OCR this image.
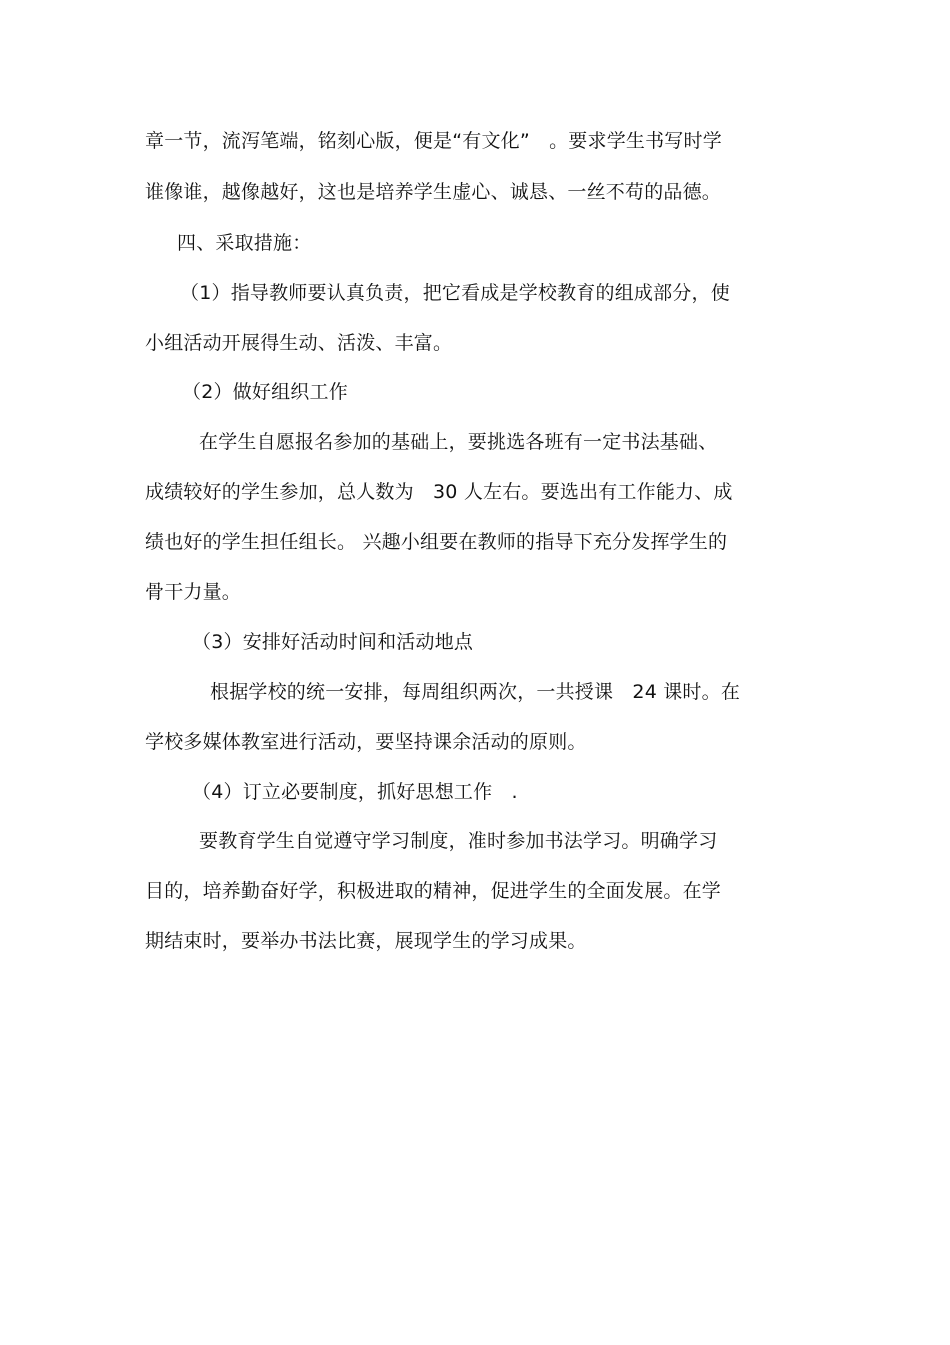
章一节，流泻笔端，铭刻心版，便是“有文化”　。要求学生书写时学
谁像谁，越像越好，这也是培养学生虚心、诚恳、一丝不苟的品德。
四、采取措施：
（1）指导教师要认真负责，把它看成是学校教育的组成部分，使
小组活动开展得生动、活泼、丰富。
（2）做好组织工作
在学生自愿报名参加的基础上，要挑选各班有一定书法基础、
成绩较好的学生参加，总人数为　30 人左右。要选出有工作能力、成
绩也好的学生担任组长。 兴趣小组要在教师的指导下充分发挥学生的
骨干力量。
（3）安排好活动时间和活动地点
根据学校的统一安排，每周组织两次，一共授课　24 课时。在
学校多媒体教室进行活动，要坚持课余活动的原则。
（4）订立必要制度，抓好思想工作　.
要教育学生自觉遵守学习制度，准时参加书法学习。明确学习
目的，培养勤奋好学，积极进取的精神，促进学生的全面发展。在学
期结束时，要举办书法比赛，展现学生的学习成果。
